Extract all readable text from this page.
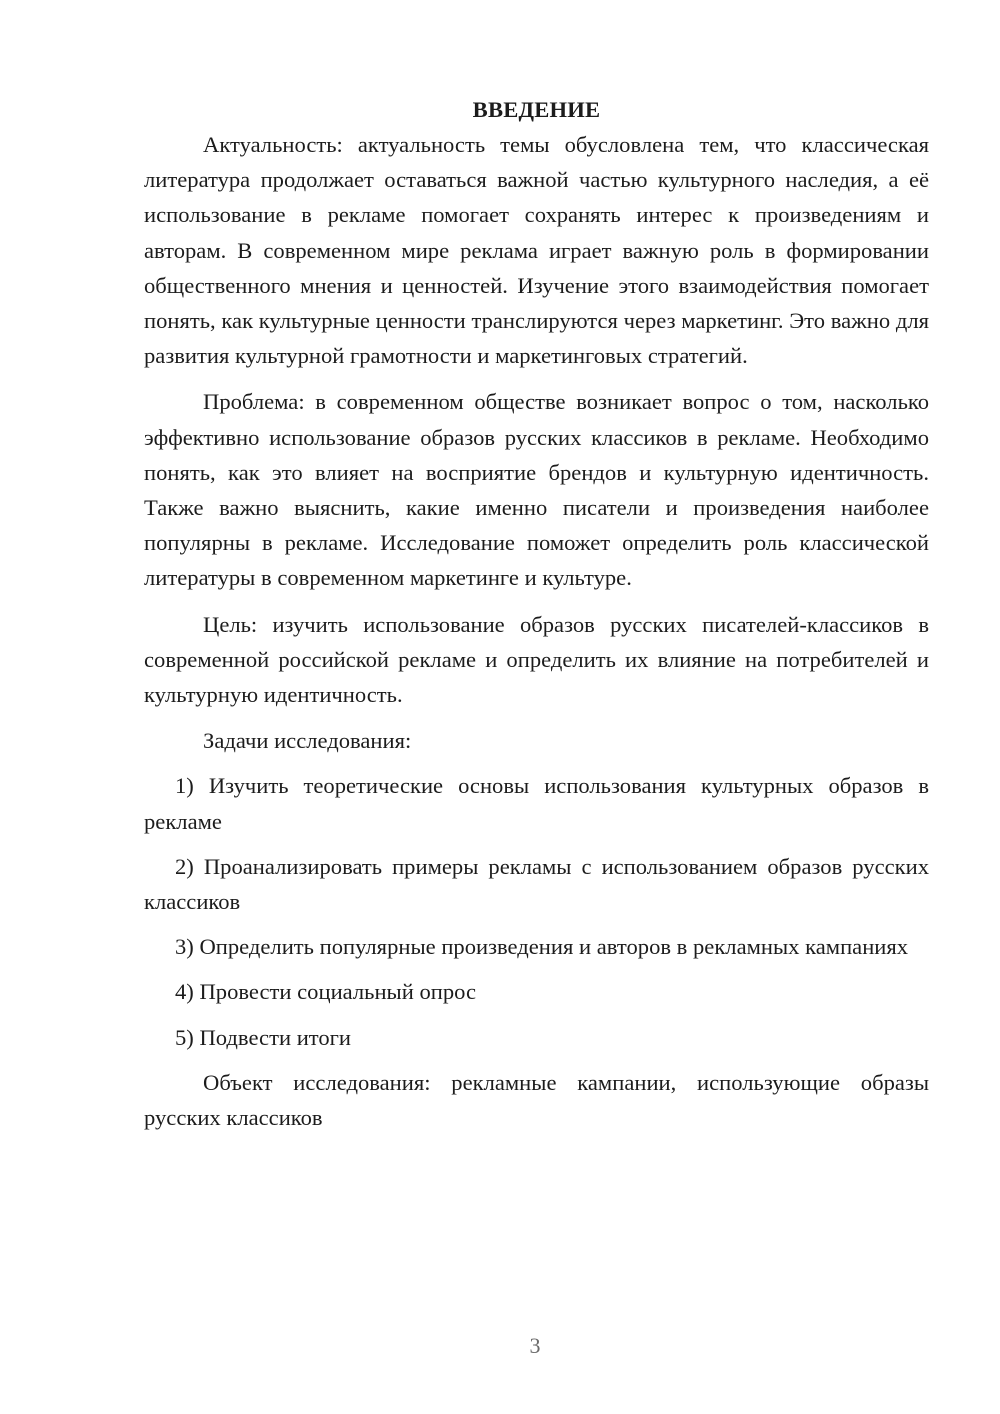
ВВЕДЕНИЕ

Актуальность: актуальность темы обусловлена тем, что классическая литература продолжает оставаться важной частью культурного наследия, а её использование в рекламе помогает сохранять интерес к произведениям и авторам. В современном мире реклама играет важную роль в формировании общественного мнения и ценностей. Изучение этого взаимодействия помогает понять, как культурные ценности транслируются через маркетинг. Это важно для развития культурной грамотности и маркетинговых стратегий.

Проблема: в современном обществе возникает вопрос о том, насколько эффективно использование образов русских классиков в рекламе. Необходимо понять, как это влияет на восприятие брендов и культурную идентичность. Также важно выяснить, какие именно писатели и произведения наиболее популярны в рекламе. Исследование поможет определить роль классической литературы в современном маркетинге и культуре.

Цель: изучить использование образов русских писателей-классиков в современной российской рекламе и определить их влияние на потребителей и культурную идентичность.

Задачи исследования:

1) Изучить теоретические основы использования культурных образов в рекламе

2) Проанализировать примеры рекламы с использованием образов русских классиков

3) Определить популярные произведения и авторов в рекламных кампаниях

4) Провести социальный опрос

5) Подвести итоги

Объект исследования: рекламные кампании, использующие образы русских классиков

3
